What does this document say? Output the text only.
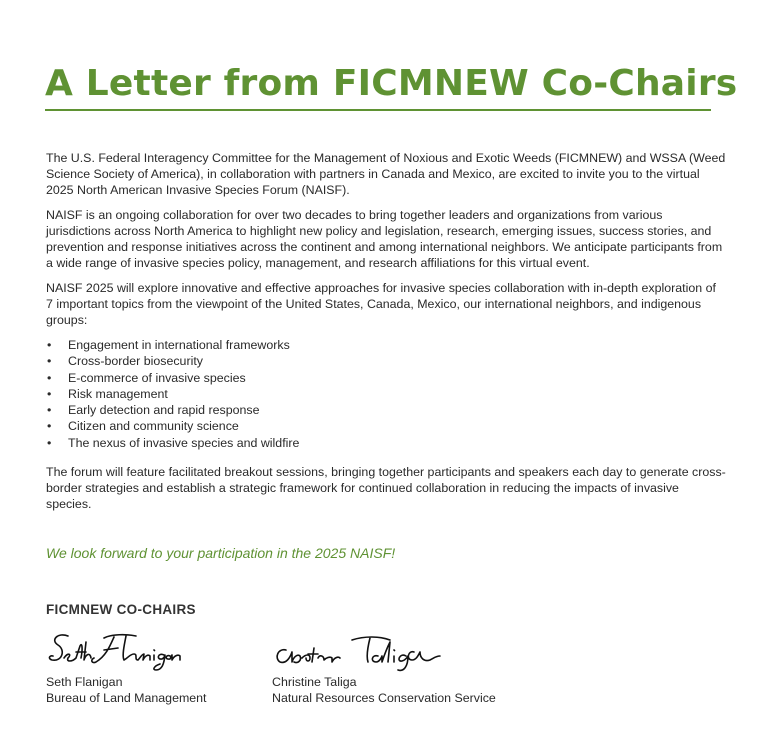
A Letter from FICMNEW Co-Chairs

The U.S. Federal Interagency Committee for the Management of Noxious and Exotic Weeds (FICMNEW) and WSSA (Weed Science Society of America), in collaboration with partners in Canada and Mexico, are excited to invite you to the virtual 2025 North American Invasive Species Forum (NAISF).

NAISF is an ongoing collaboration for over two decades to bring together leaders and organizations from various jurisdictions across North America to highlight new policy and legislation, research, emerging issues, success stories, and prevention and response initiatives across the continent and among international neighbors. We anticipate participants from a wide range of invasive species policy, management, and research affiliations for this virtual event.

NAISF 2025 will explore innovative and effective approaches for invasive species collaboration with in-depth exploration of 7 important topics from the viewpoint of the United States, Canada, Mexico, our international neighbors, and indigenous groups:

• Engagement in international frameworks
• Cross-border biosecurity
• E-commerce of invasive species
• Risk management
• Early detection and rapid response
• Citizen and community science
• The nexus of invasive species and wildfire

The forum will feature facilitated breakout sessions, bringing together participants and speakers each day to generate cross-border strategies and establish a strategic framework for continued collaboration in reducing the impacts of invasive species.

We look forward to your participation in the 2025 NAISF!

FICMNEW CO-CHAIRS

Seth Flanigan
Bureau of Land Management
Christine Taliga
Natural Resources Conservation Service
